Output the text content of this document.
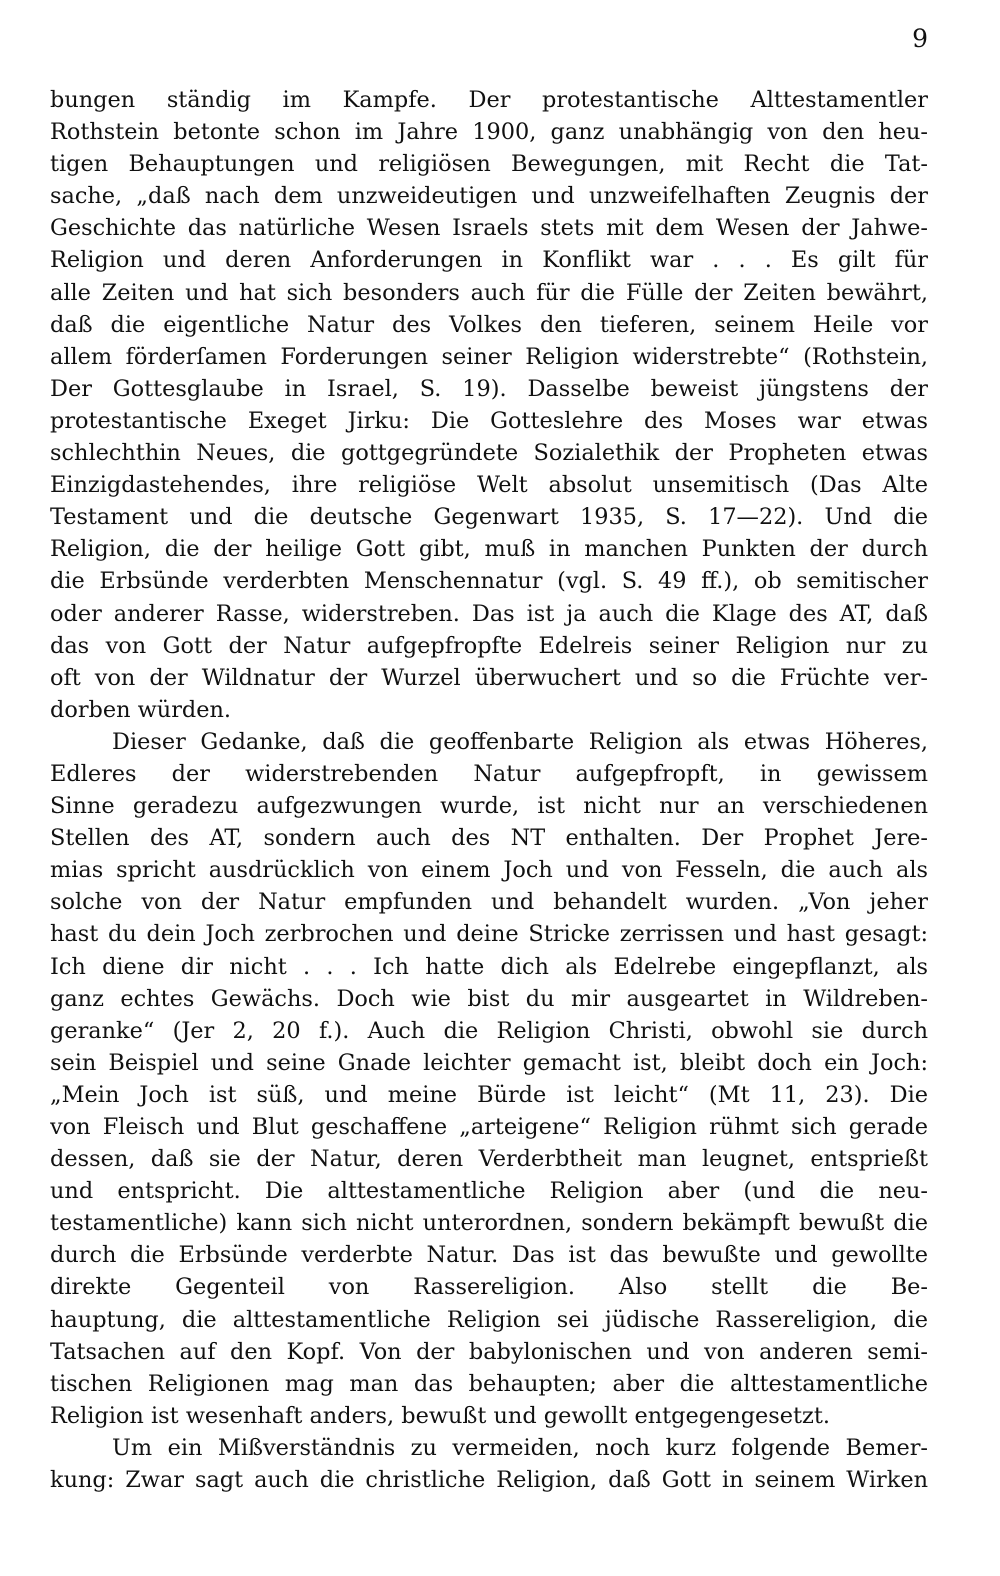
9
bungen ständig im Kampfe. Der protestantische Alttestamentler
Rothstein betonte schon im Jahre 1900, ganz unabhängig von den heu-
tigen Behauptungen und religiösen Bewegungen, mit Recht die Tat-
sache, „daß nach dem unzweideutigen und unzweifelhaften Zeugnis der
Geschichte das natürliche Wesen Israels stets mit dem Wesen der Jahwe-
Religion und deren Anforderungen in Konflikt war . . . Es gilt für
alle Zeiten und hat sich besonders auch für die Fülle der Zeiten bewährt,
daß die eigentliche Natur des Volkes den tieferen, seinem Heile vor
allem förderſamen Forderungen seiner Religion widerstrebte“ (Rothstein,
Der Gottesglaube in Israel, S. 19). Dasselbe beweist jüngstens der
protestantische Exeget Jirku: Die Gotteslehre des Moses war etwas
schlechthin Neues, die gottgegründete Sozialethik der Propheten etwas
Einzigdastehendes, ihre religiöse Welt absolut unsemitisch (Das Alte
Testament und die deutsche Gegenwart 1935, S. 17—22). Und die
Religion, die der heilige Gott gibt, muß in manchen Punkten der durch
die Erbsünde verderbten Menschennatur (vgl. S. 49 ff.), ob semitischer
oder anderer Rasse, widerstreben. Das ist ja auch die Klage des AT, daß
das von Gott der Natur aufgepfropfte Edelreis seiner Religion nur zu
oft von der Wildnatur der Wurzel überwuchert und so die Früchte ver-
dorben würden.
Dieser Gedanke, daß die geoffenbarte Religion als etwas Höheres,
Edleres der widerstrebenden Natur aufgepfropft, in gewissem
Sinne geradezu aufgezwungen wurde, ist nicht nur an verschiedenen
Stellen des AT, sondern auch des NT enthalten. Der Prophet Jere-
mias spricht ausdrücklich von einem Joch und von Fesseln, die auch als
solche von der Natur empfunden und behandelt wurden. „Von jeher
hast du dein Joch zerbrochen und deine Stricke zerrissen und hast gesagt:
Ich diene dir nicht . . . Ich hatte dich als Edelrebe eingepflanzt, als
ganz echtes Gewächs. Doch wie bist du mir ausgeartet in Wildreben-
geranke“ (Jer 2, 20 f.). Auch die Religion Christi, obwohl sie durch
sein Beispiel und seine Gnade leichter gemacht ist, bleibt doch ein Joch:
„Mein Joch ist süß, und meine Bürde ist leicht“ (Mt 11, 23). Die
von Fleisch und Blut geschaffene „arteigene“ Religion rühmt sich gerade
dessen, daß sie der Natur, deren Verderbtheit man leugnet, entsprießt
und entspricht. Die alttestamentliche Religion aber (und die neu-
testamentliche) kann sich nicht unterordnen, sondern bekämpft bewußt die
durch die Erbsünde verderbte Natur. Das ist das bewußte und gewollte
direkte Gegenteil von Rassereligion. Also stellt die Be-
hauptung, die alttestamentliche Religion sei jüdische Rassereligion, die
Tatsachen auf den Kopf. Von der babylonischen und von anderen semi-
tischen Religionen mag man das behaupten; aber die alttestamentliche
Religion ist wesenhaft anders, bewußt und gewollt entgegengesetzt.
Um ein Mißverständnis zu vermeiden, noch kurz folgende Bemer-
kung: Zwar sagt auch die christliche Religion, daß Gott in seinem Wirken
